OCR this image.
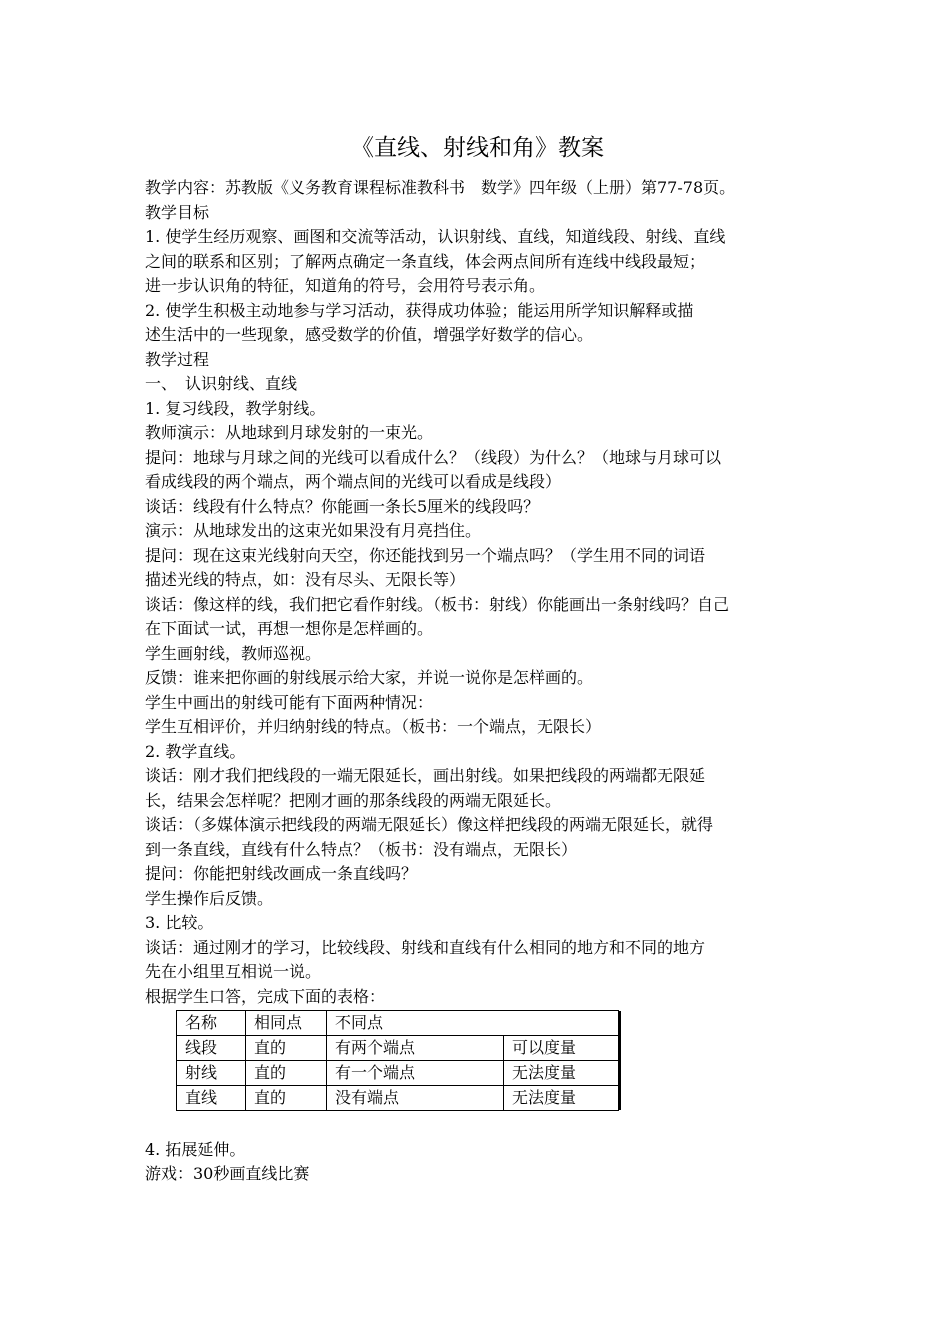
《直线、射线和角》教案
教学内容：苏教版《义务教育课程标准教科书　数学》四年级（上册）第77-78页。
教学目标
1. 使学生经历观察、画图和交流等活动，认识射线、直线，知道线段、射线、直线
之间的联系和区别；了解两点确定一条直线，体会两点间所有连线中线段最短；
进一步认识角的特征，知道角的符号，会用符号表示角。
2. 使学生积极主动地参与学习活动，获得成功体验；能运用所学知识解释或描
述生活中的一些现象，感受数学的价值，增强学好数学的信心。
教学过程
一、　认识射线、直线
1. 复习线段，教学射线。
教师演示：从地球到月球发射的一束光。
提问：地球与月球之间的光线可以看成什么？（线段）为什么？（地球与月球可以
看成线段的两个端点，两个端点间的光线可以看成是线段）
谈话：线段有什么特点？你能画一条长5厘米的线段吗？
演示：从地球发出的这束光如果没有月亮挡住。
提问：现在这束光线射向天空，你还能找到另一个端点吗？（学生用不同的词语
描述光线的特点，如：没有尽头、无限长等）
谈话：像这样的线，我们把它看作射线。（板书：射线）你能画出一条射线吗？自己
在下面试一试，再想一想你是怎样画的。
学生画射线，教师巡视。
反馈：谁来把你画的射线展示给大家，并说一说你是怎样画的。
学生中画出的射线可能有下面两种情况：
学生互相评价，并归纳射线的特点。（板书：一个端点，无限长）
2. 教学直线。
谈话：刚才我们把线段的一端无限延长，画出射线。如果把线段的两端都无限延
长，结果会怎样呢？把刚才画的那条线段的两端无限延长。
谈话：（多媒体演示把线段的两端无限延长）像这样把线段的两端无限延长，就得
到一条直线，直线有什么特点？（板书：没有端点，无限长）
提问：你能把射线改画成一条直线吗？
学生操作后反馈。
3. 比较。
谈话：通过刚才的学习，比较线段、射线和直线有什么相同的地方和不同的地方
先在小组里互相说一说。
根据学生口答，完成下面的表格：
名称	相同点	不同点	
线段	直的	有两个端点	可以度量
射线	直的	有一个端点	无法度量
直线	直的	没有端点	无法度量
4. 拓展延伸。
游戏：30秒画直线比赛
